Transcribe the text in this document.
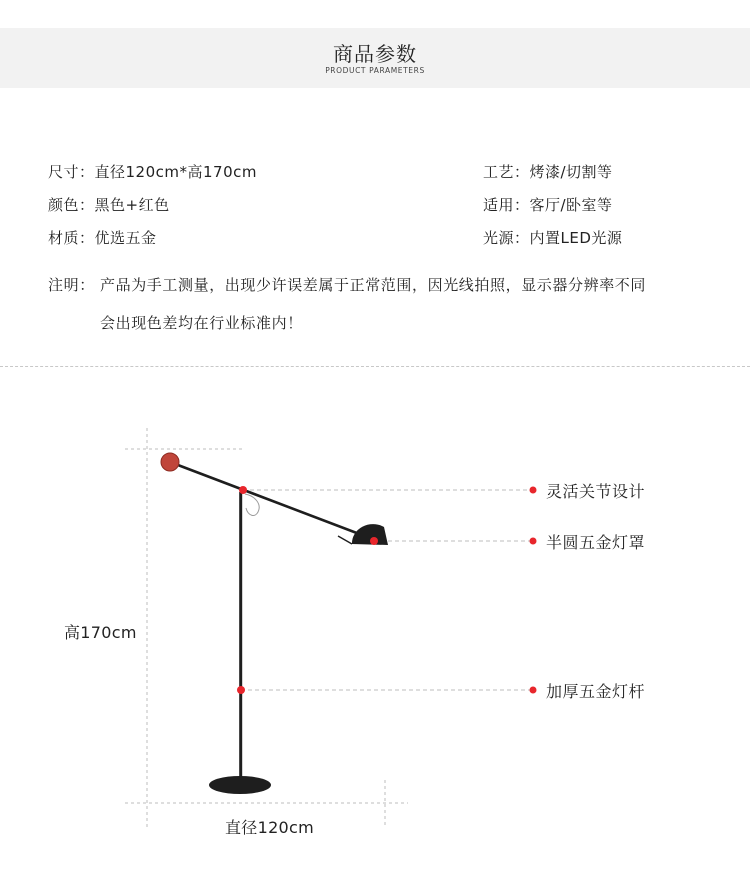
商品参数
PRODUCT PARAMETERS
尺寸：直径120cm*高170cm
颜色：黑色+红色
材质：优选五金
工艺：烤漆/切割等
适用：客厅/卧室等
光源：内置LED光源
注明： 产品为手工测量，出现少许误差属于正常范围，因光线拍照，显示器分辨率不同
会出现色差均在行业标准内！
灵活关节设计
半圆五金灯罩
加厚五金灯杆
高170cm
直径120cm
